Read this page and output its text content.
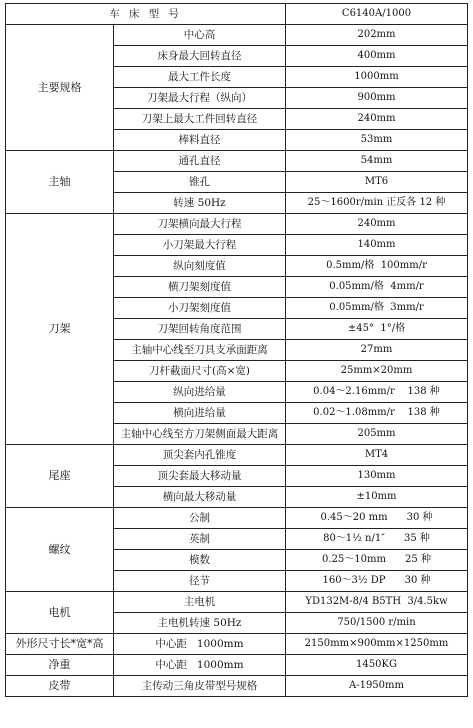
车 床 型 号		C6140A/1000
主要规格	中心高	202mm
	床身最大回转直径	400mm
	最大工件长度	1000mm
	刀架最大行程（纵向）	900mm
	刀架上最大工件回转直径	240mm
	棒料直径	53mm
主轴	通孔直径	54mm
	锥孔	MT6
	转速 50Hz	25～1600r/min 正反各 12 种
刀架	刀架横向最大行程	240mm
	小刀架最大行程	140mm
	纵向刻度值	0.5mm/格  100mm/r
	横刀架刻度值	0.05mm/格  4mm/r
	小刀架刻度值	0.05mm/格  3mm/r
	刀架回转角度范围	±45°  1°/格
	主轴中心线至刀具支承面距离	27mm
	刀杆截面尺寸(高×宽)	25mm×20mm
	纵向进给量	0.04～2.16mm/r    138 种
	横向进给量	0.02～1.08mm/r    138 种
	主轴中心线至方刀架侧面最大距离	205mm
尾座	顶尖套内孔锥度	MT4
	顶尖套最大移动量	130mm
	横向最大移动量	±10mm
螺纹	公制	0.45～20 mm      30 种
	英制	80～1½ n/1″      35 种
	模数	0.25～10mm      25 种
	径节	160～3½ DP      30 种
电机	主电机	YD132M-8/4 B5TH  3/4.5kw
	主电机转速 50Hz	750/1500 r/min
外形尺寸长*宽*高	中心距   1000mm	2150mm×900mm×1250mm
净重	中心距   1000mm	1450KG
皮带	主传动三角皮带型号规格	A-1950mm
